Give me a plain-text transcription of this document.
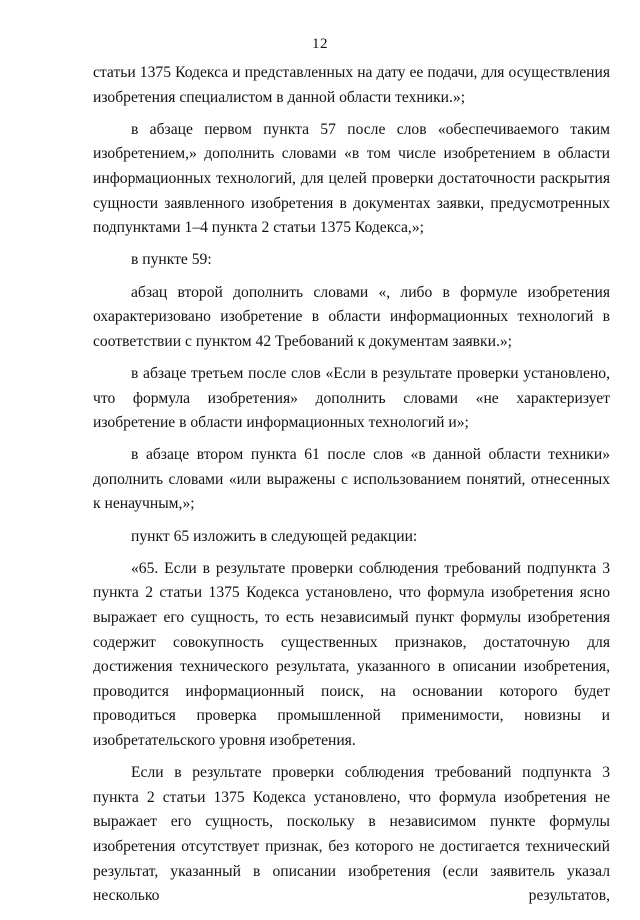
12

статьи 1375 Кодекса и представленных на дату ее подачи, для осуществления изобретения специалистом в данной области техники.»;

в абзаце первом пункта 57 после слов «обеспечиваемого таким изобретением,» дополнить словами «в том числе изобретением в области информационных технологий, для целей проверки достаточности раскрытия сущности заявленного изобретения в документах заявки, предусмотренных подпунктами 1–4 пункта 2 статьи 1375 Кодекса,»;

в пункте 59:

абзац второй дополнить словами «, либо в формуле изобретения охарактеризовано изобретение в области информационных технологий в соответствии с пунктом 42 Требований к документам заявки.»;

в абзаце третьем после слов «Если в результате проверки установлено, что формула изобретения» дополнить словами «не характеризует изобретение в области информационных технологий и»;

в абзаце втором пункта 61 после слов «в данной области техники» дополнить словами «или выражены с использованием понятий, отнесенных к ненаучным,»;

пункт 65 изложить в следующей редакции:

«65. Если в результате проверки соблюдения требований подпункта 3 пункта 2 статьи 1375 Кодекса установлено, что формула изобретения ясно выражает его сущность, то есть независимый пункт формулы изобретения содержит совокупность существенных признаков, достаточную для достижения технического результата, указанного в описании изобретения, проводится информационный поиск, на основании которого будет проводиться проверка промышленной применимости, новизны и изобретательского уровня изобретения.

Если в результате проверки соблюдения требований подпункта 3 пункта 2 статьи 1375 Кодекса установлено, что формула изобретения не выражает его сущность, поскольку в независимом пункте формулы изобретения отсутствует признак, без которого не достигается технический результат, указанный в описании изобретения (если заявитель указал несколько результатов,
